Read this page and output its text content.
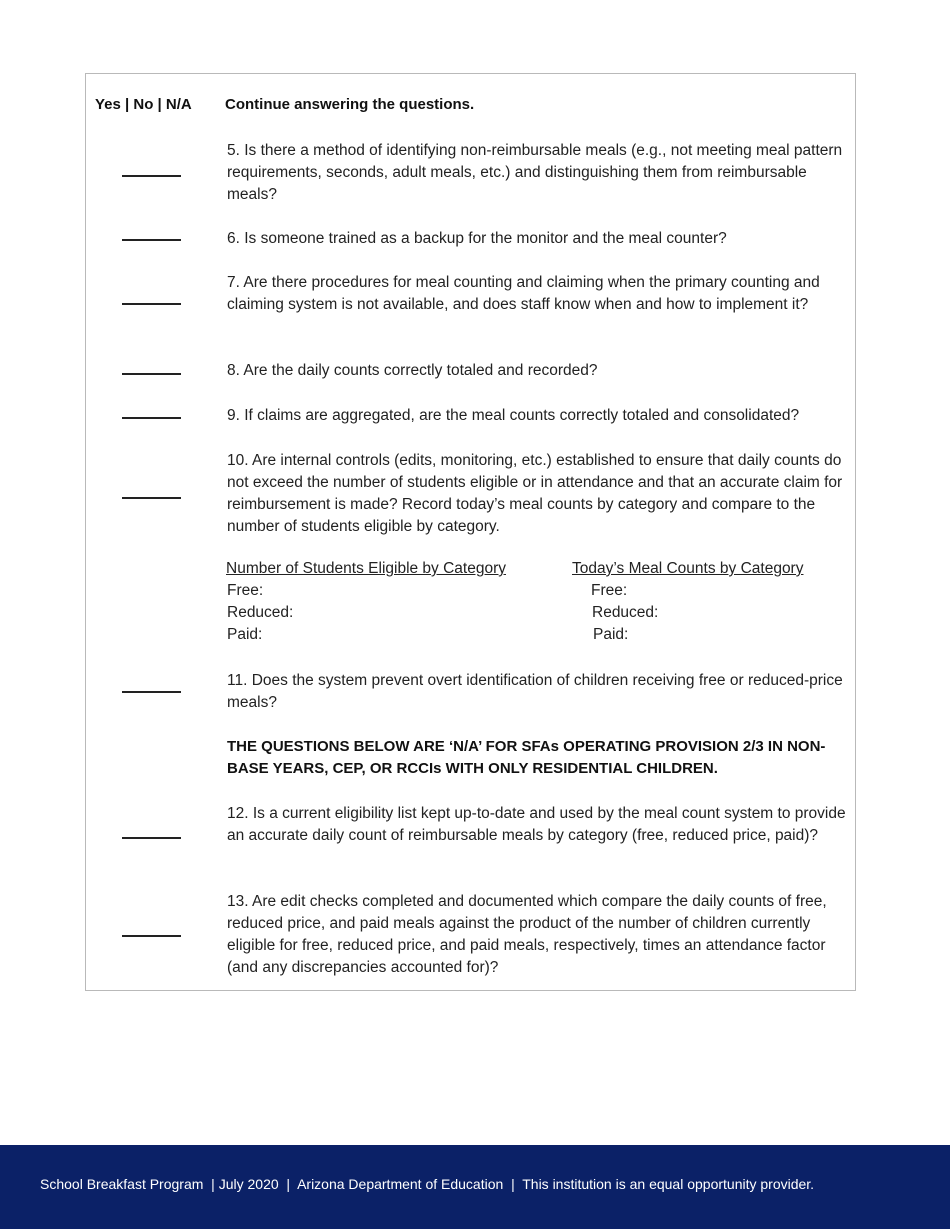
Yes | No | N/A Continue answering the questions.
5. Is there a method of identifying non-reimbursable meals (e.g., not meeting meal pattern requirements, seconds, adult meals, etc.) and distinguishing them from reimbursable meals?
6. Is someone trained as a backup for the monitor and the meal counter?
7. Are there procedures for meal counting and claiming when the primary counting and claiming system is not available, and does staff know when and how to implement it?
8. Are the daily counts correctly totaled and recorded?
9. If claims are aggregated, are the meal counts correctly totaled and consolidated?
10. Are internal controls (edits, monitoring, etc.) established to ensure that daily counts do not exceed the number of students eligible or in attendance and that an accurate claim for reimbursement is made? Record today’s meal counts by category and compare to the number of students eligible by category.
Number of Students Eligible by Category	Today’s Meal Counts by Category
Free:
Reduced:
Paid:
Free:
Reduced:
Paid:
11. Does the system prevent overt identification of children receiving free or reduced-price meals?
THE QUESTIONS BELOW ARE ‘N/A’ FOR SFAs OPERATING PROVISION 2/3 IN NON-BASE YEARS, CEP, OR RCCIs WITH ONLY RESIDENTIAL CHILDREN.
12. Is a current eligibility list kept up-to-date and used by the meal count system to provide an accurate daily count of reimbursable meals by category (free, reduced price, paid)?
13. Are edit checks completed and documented which compare the daily counts of free, reduced price, and paid meals against the product of the number of children currently eligible for free, reduced price, and paid meals, respectively, times an attendance factor (and any discrepancies accounted for)?
School Breakfast Program  | July 2020  |  Arizona Department of Education  |  This institution is an equal opportunity provider.
